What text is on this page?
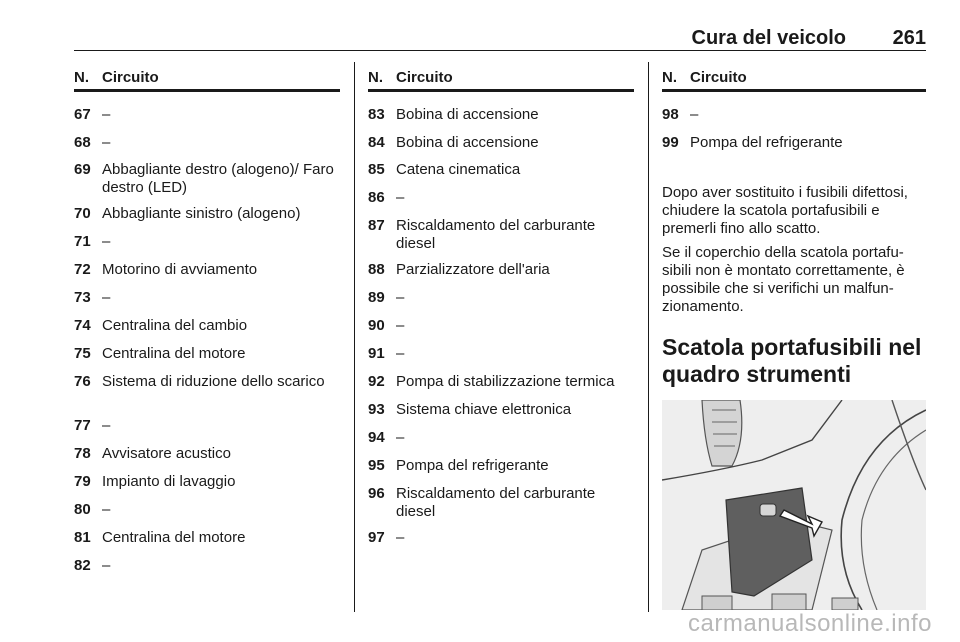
Cura del veicolo 261
N. Circuito
67 –
68 –
69 Abbagliante destro (alogeno)/ Faro destro (LED)
70 Abbagliante sinistro (alogeno)
71 –
72 Motorino di avviamento
73 –
74 Centralina del cambio
75 Centralina del motore
76 Sistema di riduzione dello scarico
77 –
78 Avvisatore acustico
79 Impianto di lavaggio
80 –
81 Centralina del motore
82 –
N. Circuito
83 Bobina di accensione
84 Bobina di accensione
85 Catena cinematica
86 –
87 Riscaldamento del carburante diesel
88 Parzializzatore dell'aria
89 –
90 –
91 –
92 Pompa di stabilizzazione termica
93 Sistema chiave elettronica
94 –
95 Pompa del refrigerante
96 Riscaldamento del carburante diesel
97 –
N. Circuito
98 –
99 Pompa del refrigerante

Dopo aver sostituito i fusibili difettosi, chiudere la scatola portafusibili e premerli fino allo scatto.

Se il coperchio della scatola portafu- sibili non è montato correttamente, è possibile che si verifichi un malfun- zionamento.

Scatola portafusibili nel quadro strumenti
carmanualsonline.info
